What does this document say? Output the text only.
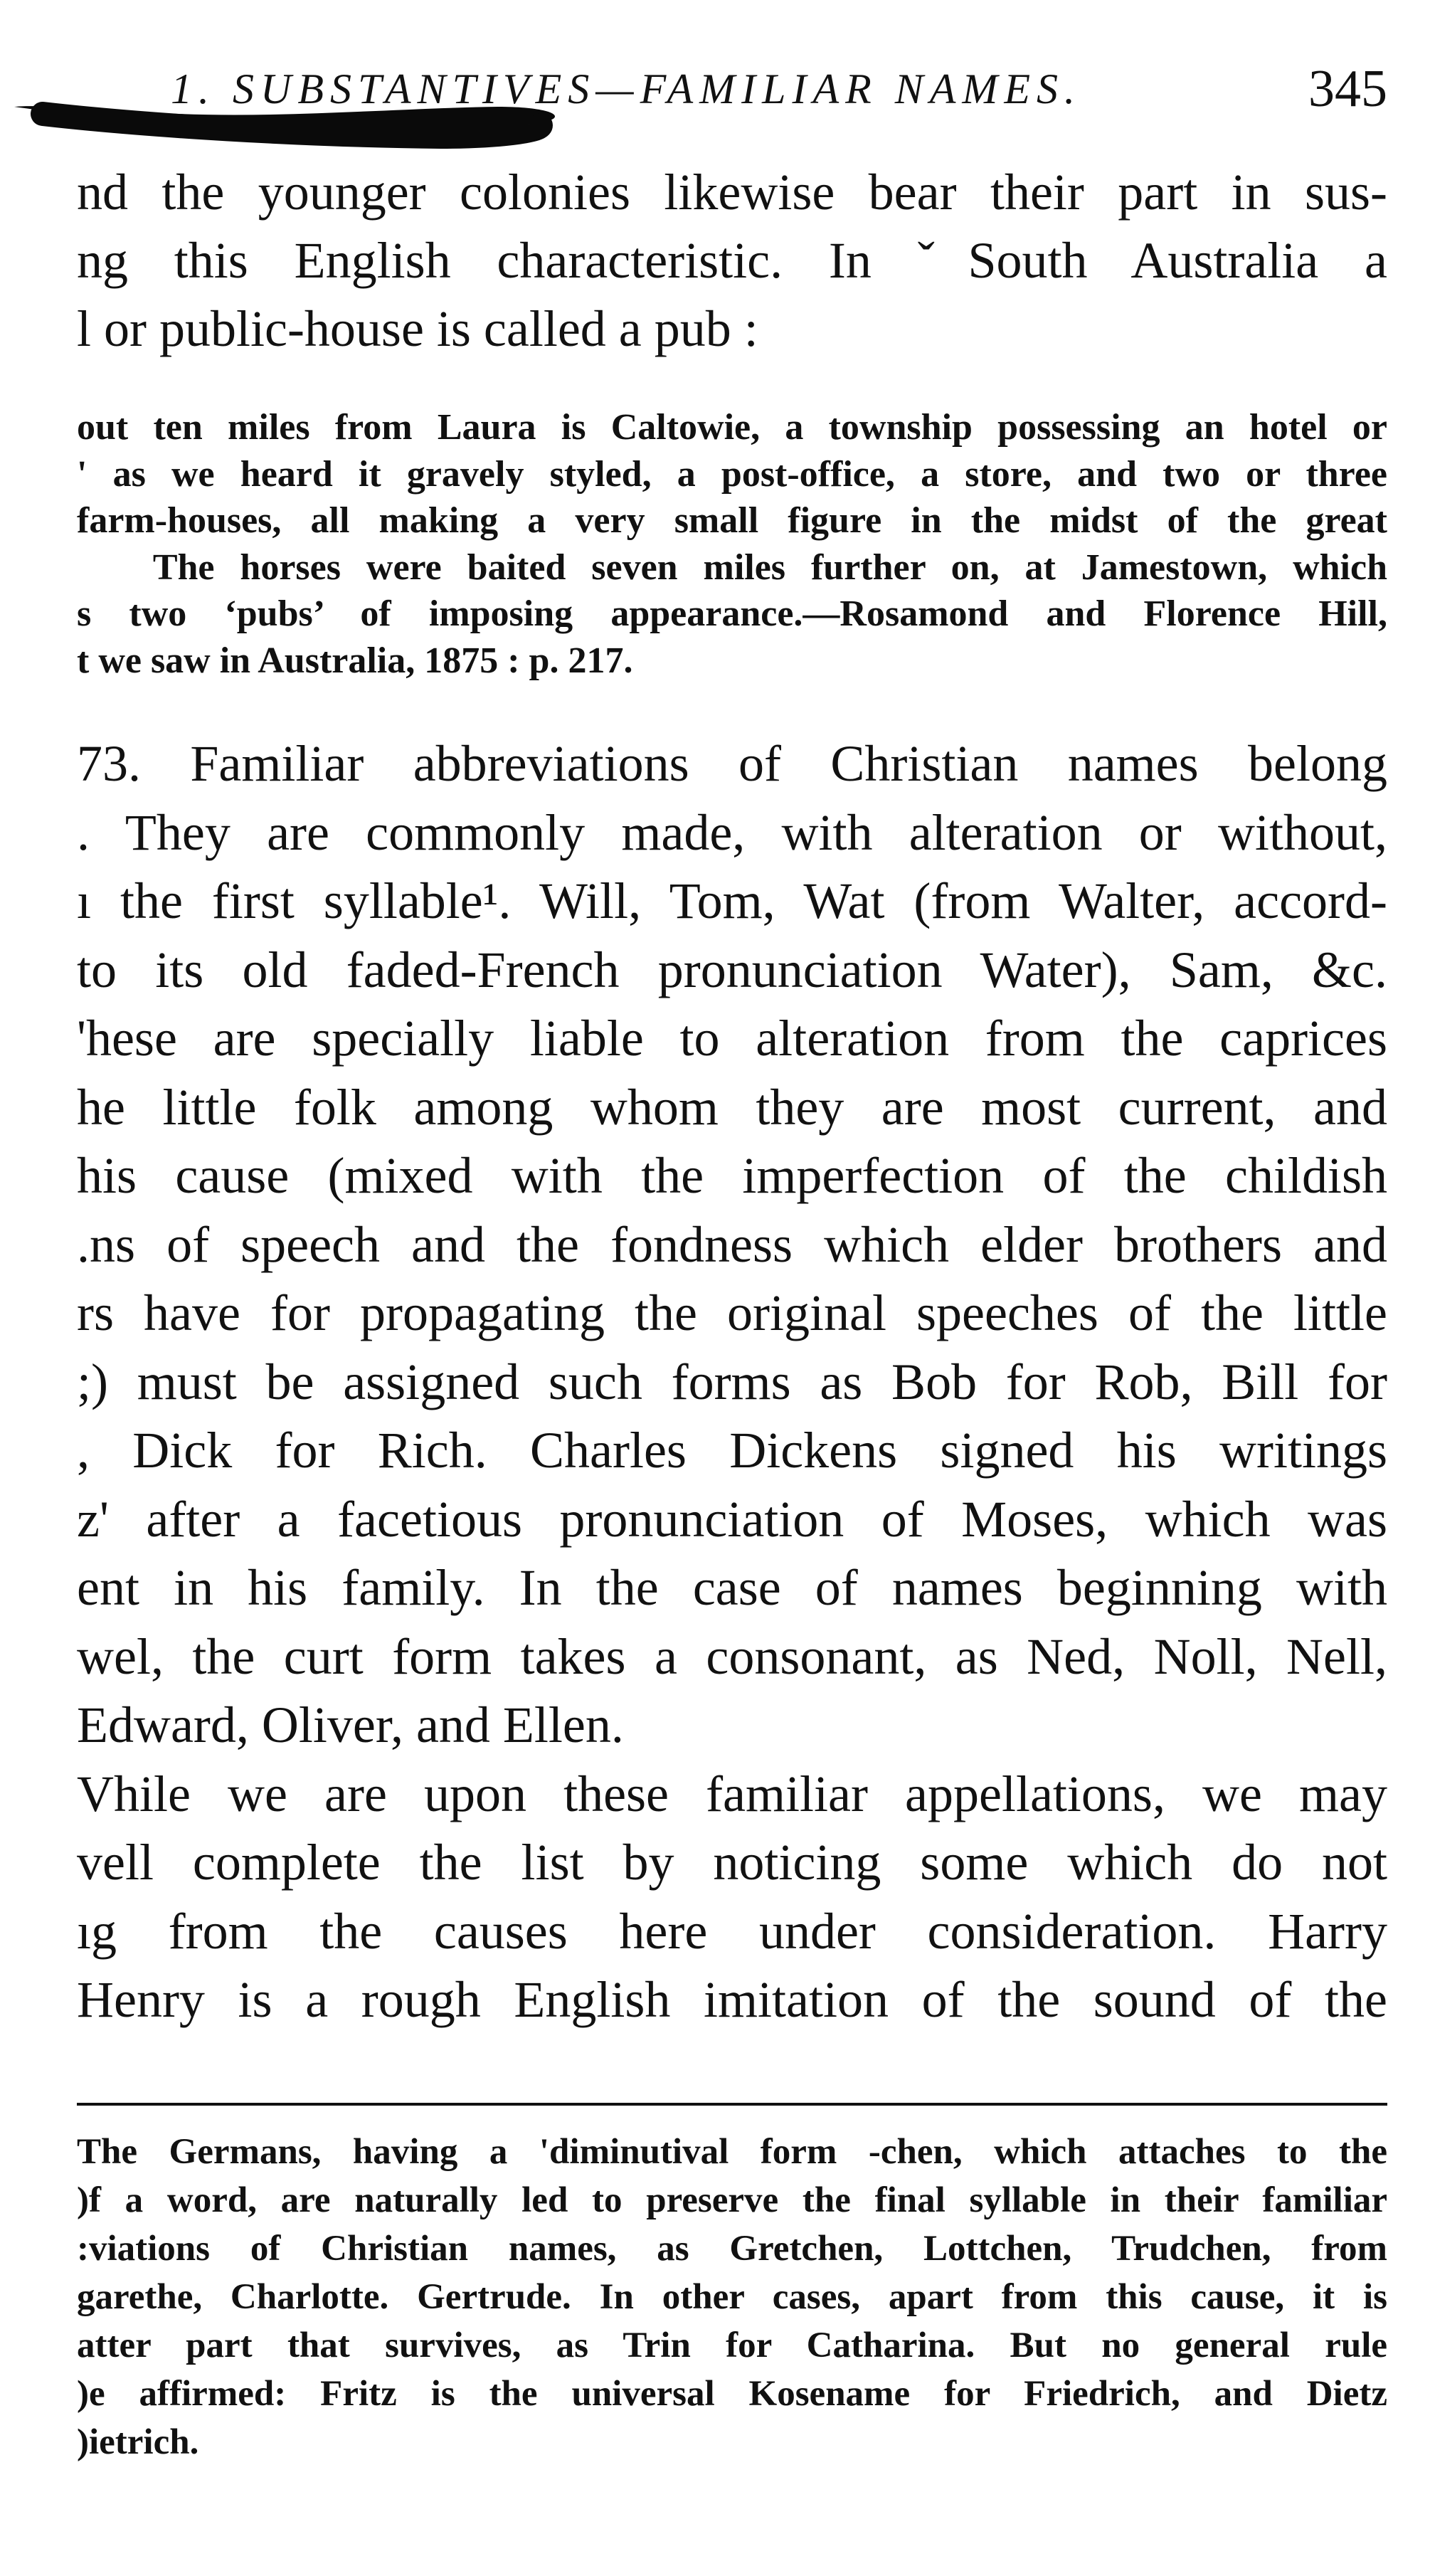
1. SUBSTANTIVES—FAMILIAR NAMES.	345
nd the younger colonies likewise bear their part in sus-
ng this English characteristic. In ˇSouth Australia a
l or public-house is called a pub :
out ten miles from Laura is Caltowie, a township possessing an hotel or
' as we heard it gravely styled, a post-office, a store, and two or three
farm-houses, all making a very small figure in the midst of the great
The horses were baited seven miles further on, at Jamestown, which
s two ‘pubs’ of imposing appearance.—Rosamond and Florence Hill,
t we saw in Australia, 1875 : p. 217.
73. Familiar abbreviations of Christian names belong
. They are commonly made, with alteration or without,
ı the first syllable¹. Will, Tom, Wat (from Walter, accord-
to its old faded-French pronunciation Water), Sam, &c.
'hese are specially liable to alteration from the caprices
he little folk among whom they are most current, and
his cause (mixed with the imperfection of the childish
.ns of speech and the fondness which elder brothers and
rs have for propagating the original speeches of the little
;) must be assigned such forms as Bob for Rob, Bill for
, Dick for Rich. Charles Dickens signed his writings
z' after a facetious pronunciation of Moses, which was
ent in his family. In the case of names beginning with
wel, the curt form takes a consonant, as Ned, Noll, Nell,
Edward, Oliver, and Ellen.
Vhile we are upon these familiar appellations, we may
vell complete the list by noticing some which do not
ıg from the causes here under consideration. Harry
Henry is a rough English imitation of the sound of the
The Germans, having a 'diminutival form -chen, which attaches to the
)f a word, are naturally led to preserve the final syllable in their familiar
:viations of Christian names, as Gretchen, Lottchen, Trudchen, from
garethe, Charlotte. Gertrude. In other cases, apart from this cause, it is
atter part that survives, as Trin for Catharina. But no general rule
)e affirmed: Fritz is the universal Kosename for Friedrich, and Dietz
)ietrich.
